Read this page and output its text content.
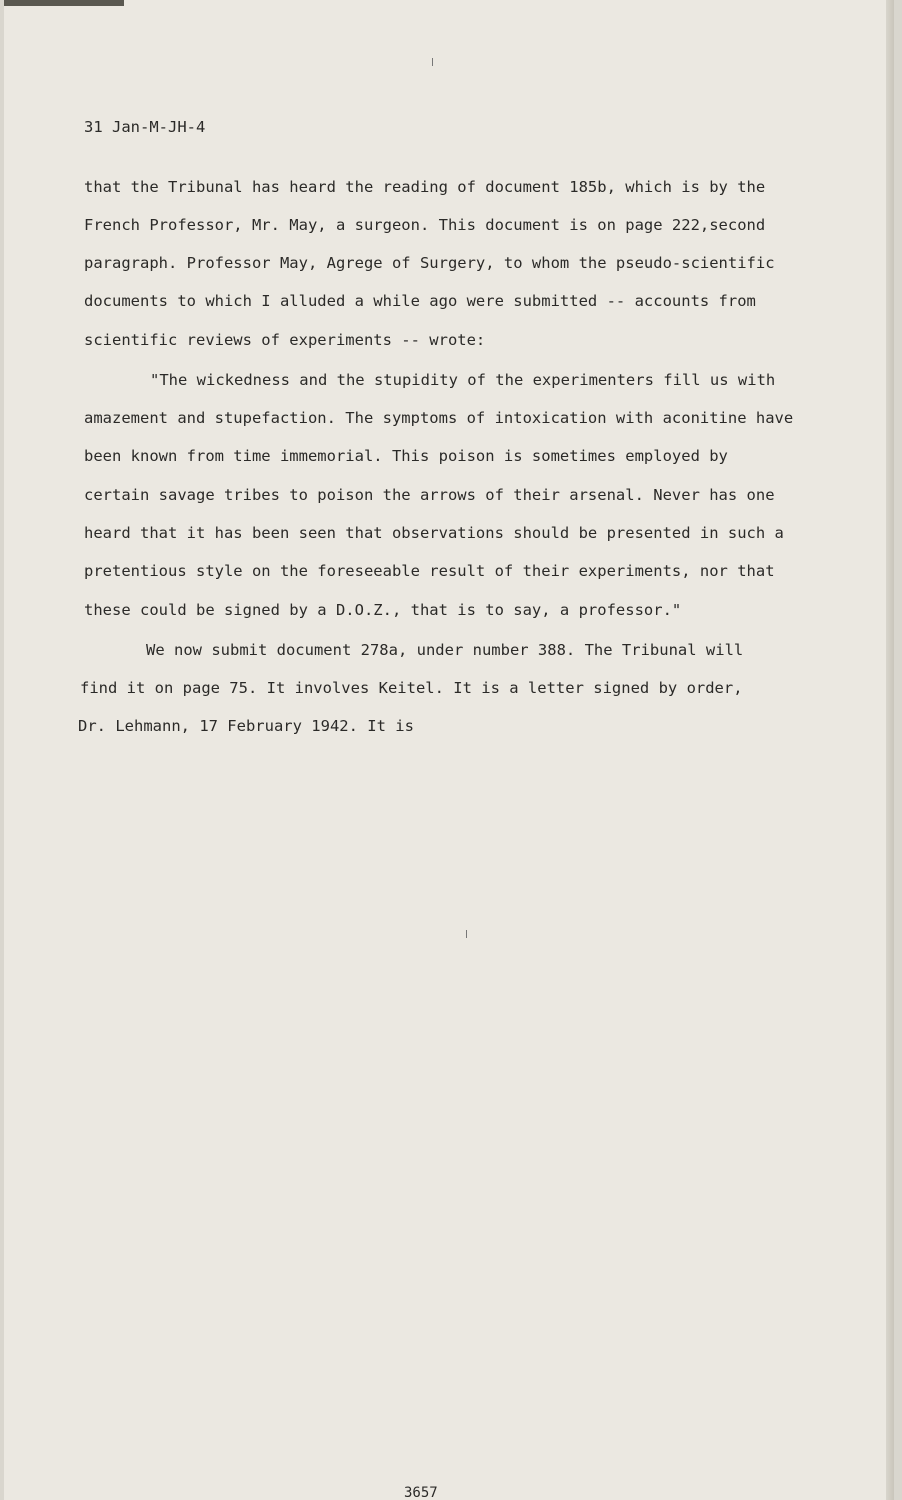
31 Jan-M-JH-4
that the Tribunal has heard the reading of document 185b, which is by the
French Professor, Mr. May, a surgeon. This document is on page 222,second
paragraph. Professor May, Agrege of Surgery, to whom the pseudo-scientific
documents to which I alluded a while ago were submitted -- accounts from
scientific reviews of experiments -- wrote:
"The wickedness and the stupidity of the experimenters fill us with
amazement and stupefaction. The symptoms of intoxication with aconitine have
been known from time immemorial. This poison is sometimes employed by
certain savage tribes to poison the arrows of their arsenal. Never has one
heard that it has been seen that observations should be presented in such a
pretentious style on the foreseeable result of their experiments, nor that
these could be signed by a D.O.Z., that is to say, a professor."
We now submit document 278a, under number 388. The Tribunal will
find it on page 75. It involves Keitel. It is a letter signed by order,
Dr. Lehmann, 17 February 1942. It is
3657
